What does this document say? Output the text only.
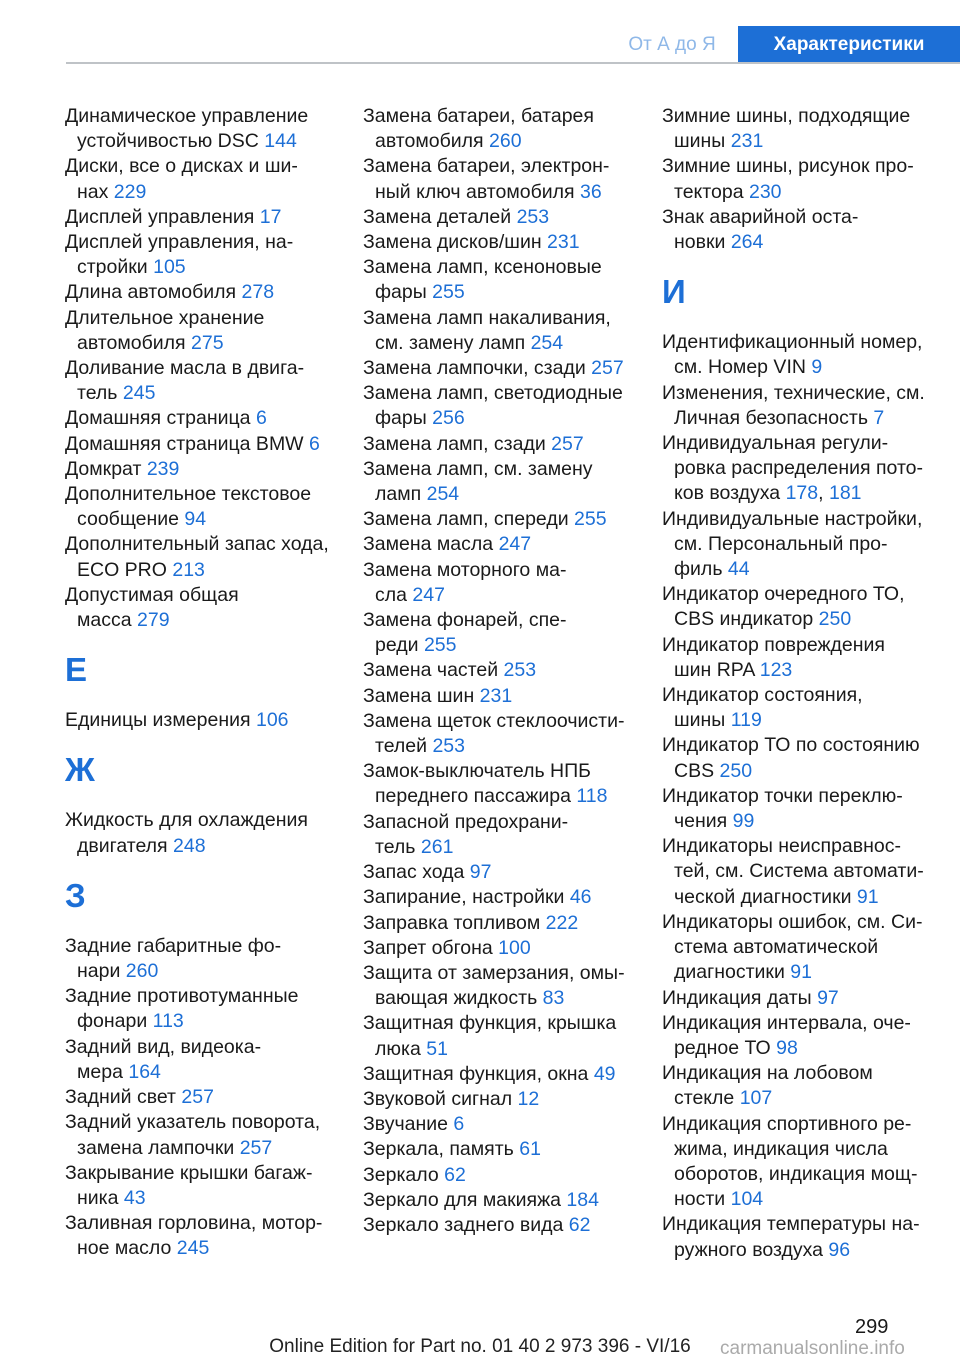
От А до Я	Характеристики
Динамическое управление
устойчивостью DSC 144
Диски, все о дисках и ши-
нах 229
Дисплей управления 17
Дисплей управления, на-
стройки 105
Длина автомобиля 278
Длительное хранение
автомобиля 275
Доливание масла в двига-
тель 245
Домашняя страница 6
Домашняя страница BMW 6
Домкрат 239
Дополнительное текстовое
сообщение 94
Дополнительный запас хода,
ECO PRO 213
Допустимая общая
масса 279
Е
Единицы измерения 106
Ж
Жидкость для охлаждения
двигателя 248
З
Задние габаритные фо-
нари 260
Задние противотуманные
фонари 113
Задний вид, видеока-
мера 164
Задний свет 257
Задний указатель поворота,
замена лампочки 257
Закрывание крышки багаж-
ника 43
Заливная горловина, мотор-
ное масло 245
Замена батареи, батарея
автомобиля 260
Замена батареи, электрон-
ный ключ автомобиля 36
Замена деталей 253
Замена дисков/шин 231
Замена ламп, ксеноновые
фары 255
Замена ламп накаливания,
см. замену ламп 254
Замена лампочки, сзади 257
Замена ламп, светодиодные
фары 256
Замена ламп, сзади 257
Замена ламп, см. замену
ламп 254
Замена ламп, спереди 255
Замена масла 247
Замена моторного ма-
сла 247
Замена фонарей, спе-
реди 255
Замена частей 253
Замена шин 231
Замена щеток стеклоочисти-
телей 253
Замок-выключатель НПБ
переднего пассажира 118
Запасной предохрани-
тель 261
Запас хода 97
Запирание, настройки 46
Заправка топливом 222
Запрет обгона 100
Защита от замерзания, омы-
вающая жидкость 83
Защитная функция, крышка
люка 51
Защитная функция, окна 49
Звуковой сигнал 12
Звучание 6
Зеркала, память 61
Зеркало 62
Зеркало для макияжа 184
Зеркало заднего вида 62
Зимние шины, подходящие
шины 231
Зимние шины, рисунок про-
тектора 230
Знак аварийной оста-
новки 264
И
Идентификационный номер,
см. Номер VIN 9
Изменения, технические, см.
Личная безопасность 7
Индивидуальная регули-
ровка распределения пото-
ков воздуха 178, 181
Индивидуальные настройки,
см. Персональный про-
филь 44
Индикатор очередного ТО,
CBS индикатор 250
Индикатор повреждения
шин RPA 123
Индикатор состояния,
шины 119
Индикатор ТО по состоянию
CBS 250
Индикатор точки переклю-
чения 99
Индикаторы неисправнос-
тей, см. Система автомати-
ческой диагностики 91
Индикаторы ошибок, см. Си-
стема автоматической
диагностики 91
Индикация даты 97
Индикация интервала, оче-
редное ТО 98
Индикация на лобовом
стекле 107
Индикация спортивного ре-
жима, индикация числа
оборотов, индикация мощ-
ности 104
Индикация температуры на-
ружного воздуха 96
299
Online Edition for Part no. 01 40 2 973 396 - VI/16	carmanualsonline.info
